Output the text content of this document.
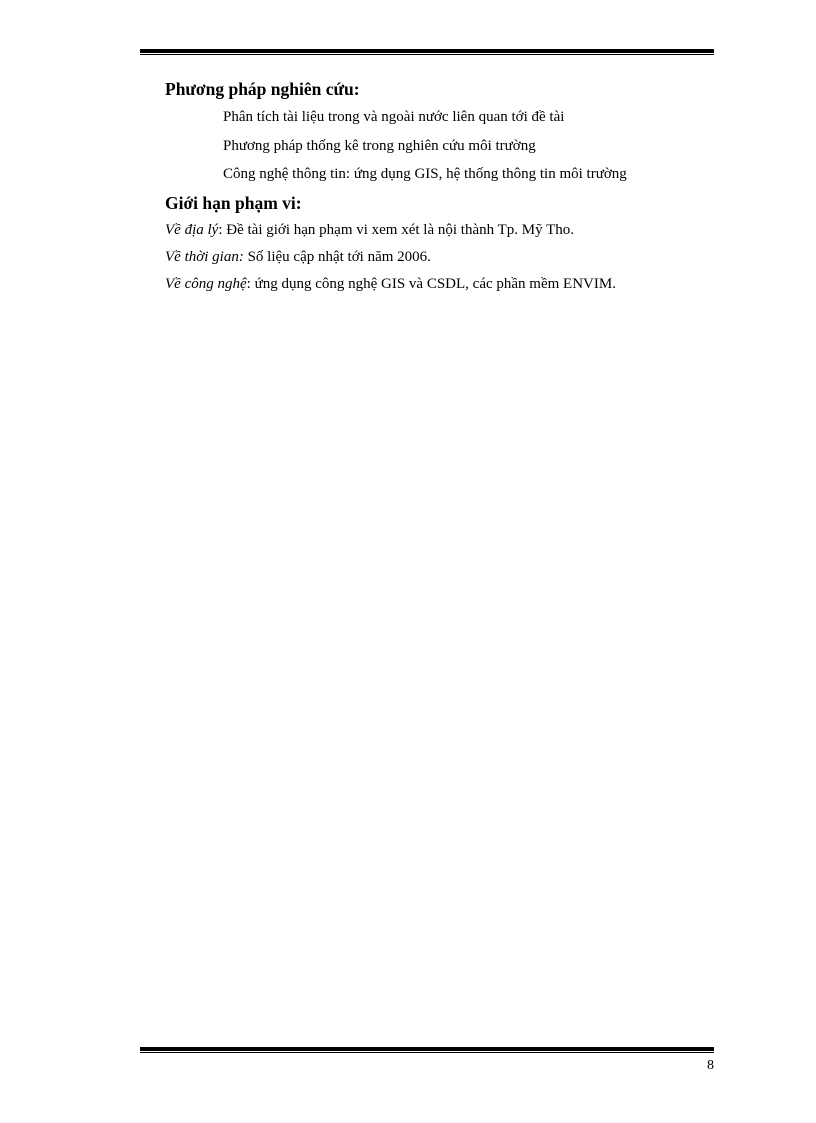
Phương pháp nghiên cứu:

Phân tích tài liệu trong và ngoài nước liên quan tới đề tài

Phương pháp thống kê trong nghiên cứu môi trường

Công nghệ thông tin: ứng dụng GIS, hệ thống thông tin môi trường

Giới hạn phạm vi:

Về địa lý: Đề tài giới hạn phạm vi xem xét là nội thành Tp. Mỹ Tho.

Về thời gian: Số liệu cập nhật tới năm 2006.

Về công nghệ: ứng dụng công nghệ GIS và CSDL, các phần mềm ENVIM.

8
